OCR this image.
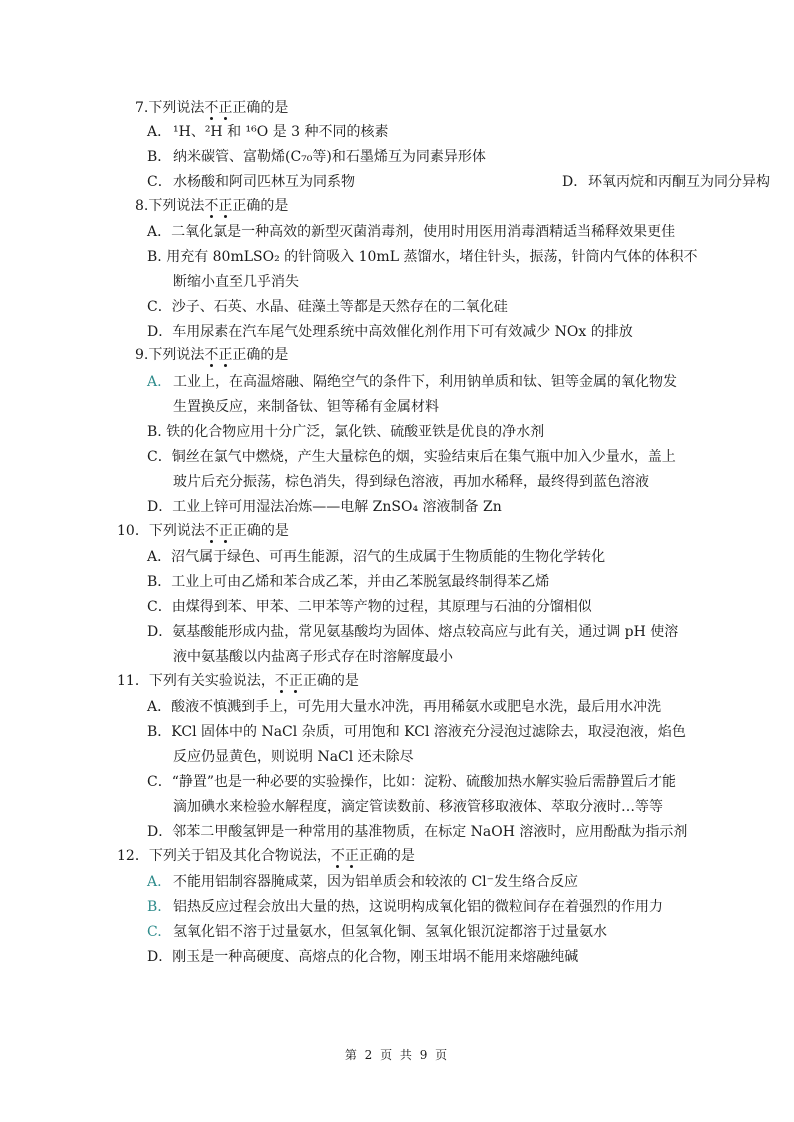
7.下列说法不正正确的是
A． ¹H、²H 和 ¹⁶O 是 3 种不同的核素
B． 纳米碳管、富勒烯(C₇₀等)和石墨烯互为同素异形体
C．水杨酸和阿司匹林互为同系物	D．环氧丙烷和丙酮互为同分异构
8.下列说法不正正确的是
A．二氧化氯是一种高效的新型灭菌消毒剂，使用时用医用消毒酒精适当稀释效果更佳
B. 用充有 80mLSO₂ 的针筒吸入 10mL 蒸馏水，堵住针头，振荡，针筒内气体的体积不
断缩小直至几乎消失
C．沙子、石英、水晶、硅藻土等都是天然存在的二氧化硅
D．车用尿素在汽车尾气处理系统中高效催化剂作用下可有效减少 NOx 的排放
9.下列说法不正正确的是
A. 工业上，在高温熔融、隔绝空气的条件下，利用钠单质和钛、钽等金属的氧化物发
生置换反应，来制备钛、钽等稀有金属材料
B. 铁的化合物应用十分广泛，氯化铁、硫酸亚铁是优良的净水剂
C．铜丝在氯气中燃烧，产生大量棕色的烟，实验结束后在集气瓶中加入少量水，盖上
玻片后充分振荡，棕色消失，得到绿色溶液，再加水稀释，最终得到蓝色溶液
D．工业上锌可用湿法冶炼——电解 ZnSO₄ 溶液制备 Zn
10．下列说法不正正确的是
A．沼气属于绿色、可再生能源，沼气的生成属于生物质能的生物化学转化
B．工业上可由乙烯和苯合成乙苯，并由乙苯脱氢最终制得苯乙烯
C．由煤得到苯、甲苯、二甲苯等产物的过程，其原理与石油的分馏相似
D．氨基酸能形成内盐，常见氨基酸均为固体、熔点较高应与此有关，通过调 pH 使溶
液中氨基酸以内盐离子形式存在时溶解度最小
11．下列有关实验说法，不正正确的是
A．酸液不慎溅到手上，可先用大量水冲洗，再用稀氨水或肥皂水洗，最后用水冲洗
B．KCl 固体中的 NaCl 杂质，可用饱和 KCl 溶液充分浸泡过滤除去，取浸泡液，焰色
反应仍显黄色，则说明 NaCl 还未除尽
C．“静置”也是一种必要的实验操作，比如：淀粉、硫酸加热水解实验后需静置后才能
滴加碘水来检验水解程度，滴定管读数前、移液管移取液体、萃取分液时…等等
D．邻苯二甲酸氢钾是一种常用的基准物质，在标定 NaOH 溶液时，应用酚酞为指示剂
12．下列关于铝及其化合物说法，不正正确的是
A. 不能用铝制容器腌咸菜，因为铝单质会和较浓的 Cl⁻发生络合反应
B. 铝热反应过程会放出大量的热，这说明构成氧化铝的微粒间存在着强烈的作用力
C. 氢氧化铝不溶于过量氨水，但氢氧化铜、氢氧化银沉淀都溶于过量氨水
D．刚玉是一种高硬度、高熔点的化合物，刚玉坩埚不能用来熔融纯碱
第 2 页 共 9 页
